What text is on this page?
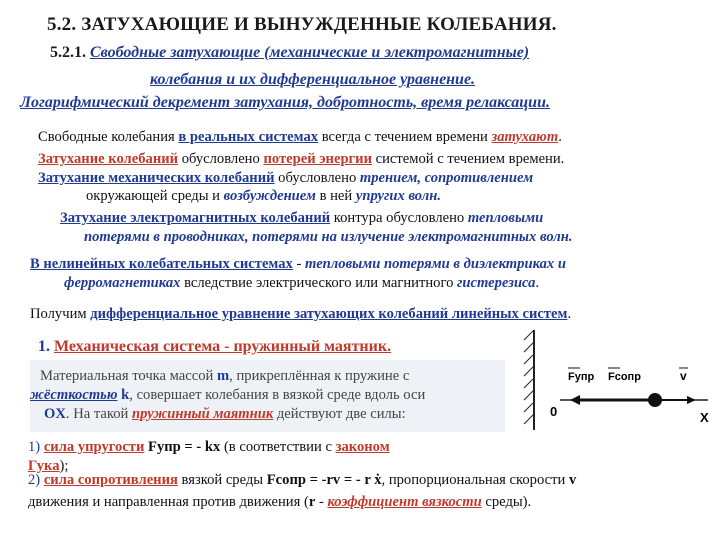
5.2. ЗАТУХАЮЩИЕ И ВЫНУЖДЕННЫЕ КОЛЕБАНИЯ.
5.2.1. Свободные затухающие (механические и электромагнитные)
колебания и их дифференциальное уравнение.
Логарифмический декремент затухания, добротность, время релаксации.
Свободные колебания в реальных системах всегда с течением времени затухают.
Затухание колебаний обусловлено потерей энергии системой с течением времени.
Затухание механических колебаний обусловлено трением, сопротивлением
окружающей среды и возбуждением в ней упругих волн.
Затухание электромагнитных колебаний контура обусловлено тепловыми
потерями в проводниках, потерями на излучение электромагнитных волн.
В нелинейных колебательных системах - тепловыми потерями в диэлектриках и
ферромагнетиках вследствие электрического или магнитного гистерезиса.
Получим дифференциальное уравнение затухающих колебаний линейных систем.
1. Механическая система - пружинный маятник.
Материальная точка массой m, прикреплённая к пружине с
жёсткостью k, совершает колебания в вязкой среде вдоль оси
OX. На такой пружинный маятник действуют две силы:
1) сила упругости Fупр = - kx (в соответствии с законом
Гука);
2) сила сопротивления вязкой среды Fсопр = -rv = - r ẋ, пропорциональная скорости v
движения и направленная против движения (r - коэффициент вязкости среды).
0	X
Fупр Fсопр	v
